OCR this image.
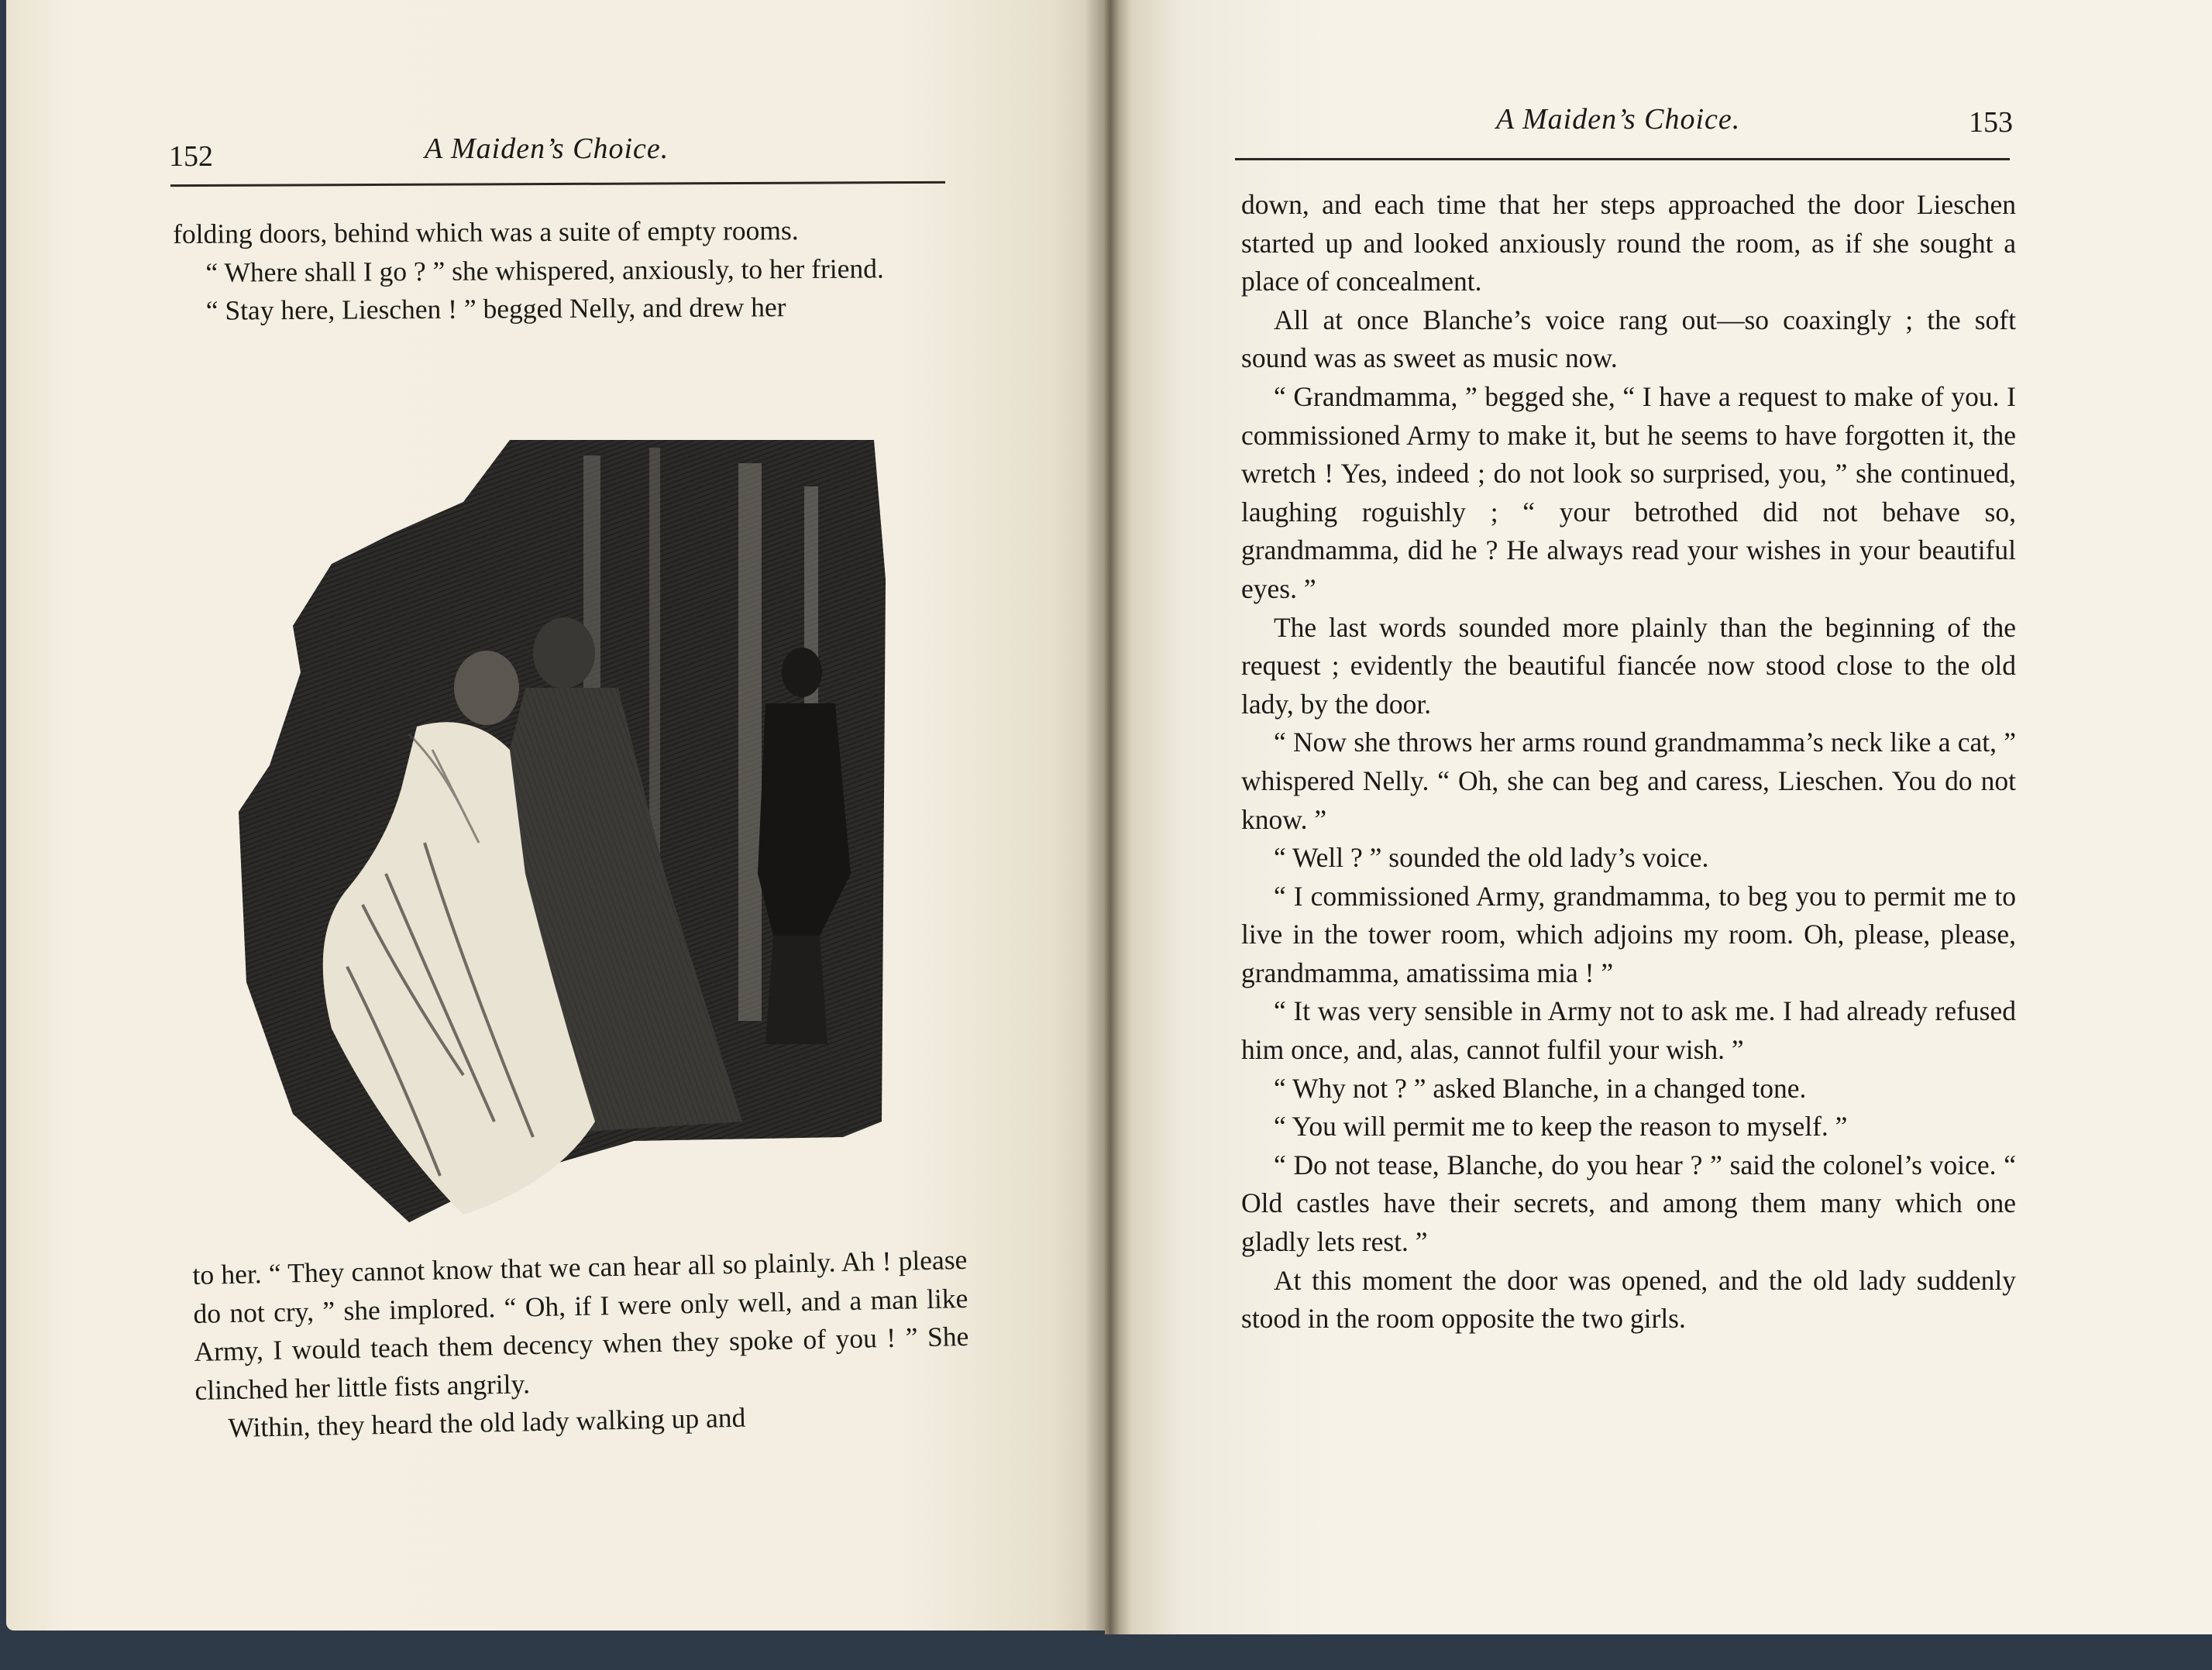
152	A Maiden’s Choice.

folding doors, behind which was a suite of empty rooms.

“ Where shall I go ? ” she whispered, anxiously, to her friend.

“ Stay here, Lieschen ! ” begged Nelly, and drew her

to her. “ They cannot know that we can hear all so plainly. Ah ! please do not cry, ” she implored. “ Oh, if I were only well, and a man like Army, I would teach them decency when they spoke of you ! ” She clinched her little fists angrily.

Within, they heard the old lady walking up and

A Maiden’s Choice.	153

down, and each time that her steps approached the door Lieschen started up and looked anxiously round the room, as if she sought a place of concealment.

All at once Blanche’s voice rang out—so coaxingly ; the soft sound was as sweet as music now.

“ Grandmamma, ” begged she, “ I have a request to make of you. I commissioned Army to make it, but he seems to have forgotten it, the wretch ! Yes, indeed ; do not look so surprised, you, ” she continued, laughing roguishly ; “ your betrothed did not behave so, grandmamma, did he ? He always read your wishes in your beautiful eyes. ”

The last words sounded more plainly than the beginning of the request ; evidently the beautiful fiancée now stood close to the old lady, by the door.

“ Now she throws her arms round grandmamma’s neck like a cat, ” whispered Nelly. “ Oh, she can beg and caress, Lieschen. You do not know. ”

“ Well ? ” sounded the old lady’s voice.

“ I commissioned Army, grandmamma, to beg you to permit me to live in the tower room, which adjoins my room. Oh, please, please, grandmamma, amatissima mia ! ”

“ It was very sensible in Army not to ask me. I had already refused him once, and, alas, cannot fulfil your wish. ”

“ Why not ? ” asked Blanche, in a changed tone.

“ You will permit me to keep the reason to myself. ”

“ Do not tease, Blanche, do you hear ? ” said the colonel’s voice. “ Old castles have their secrets, and among them many which one gladly lets rest. ”

At this moment the door was opened, and the old lady suddenly stood in the room opposite the two girls.
